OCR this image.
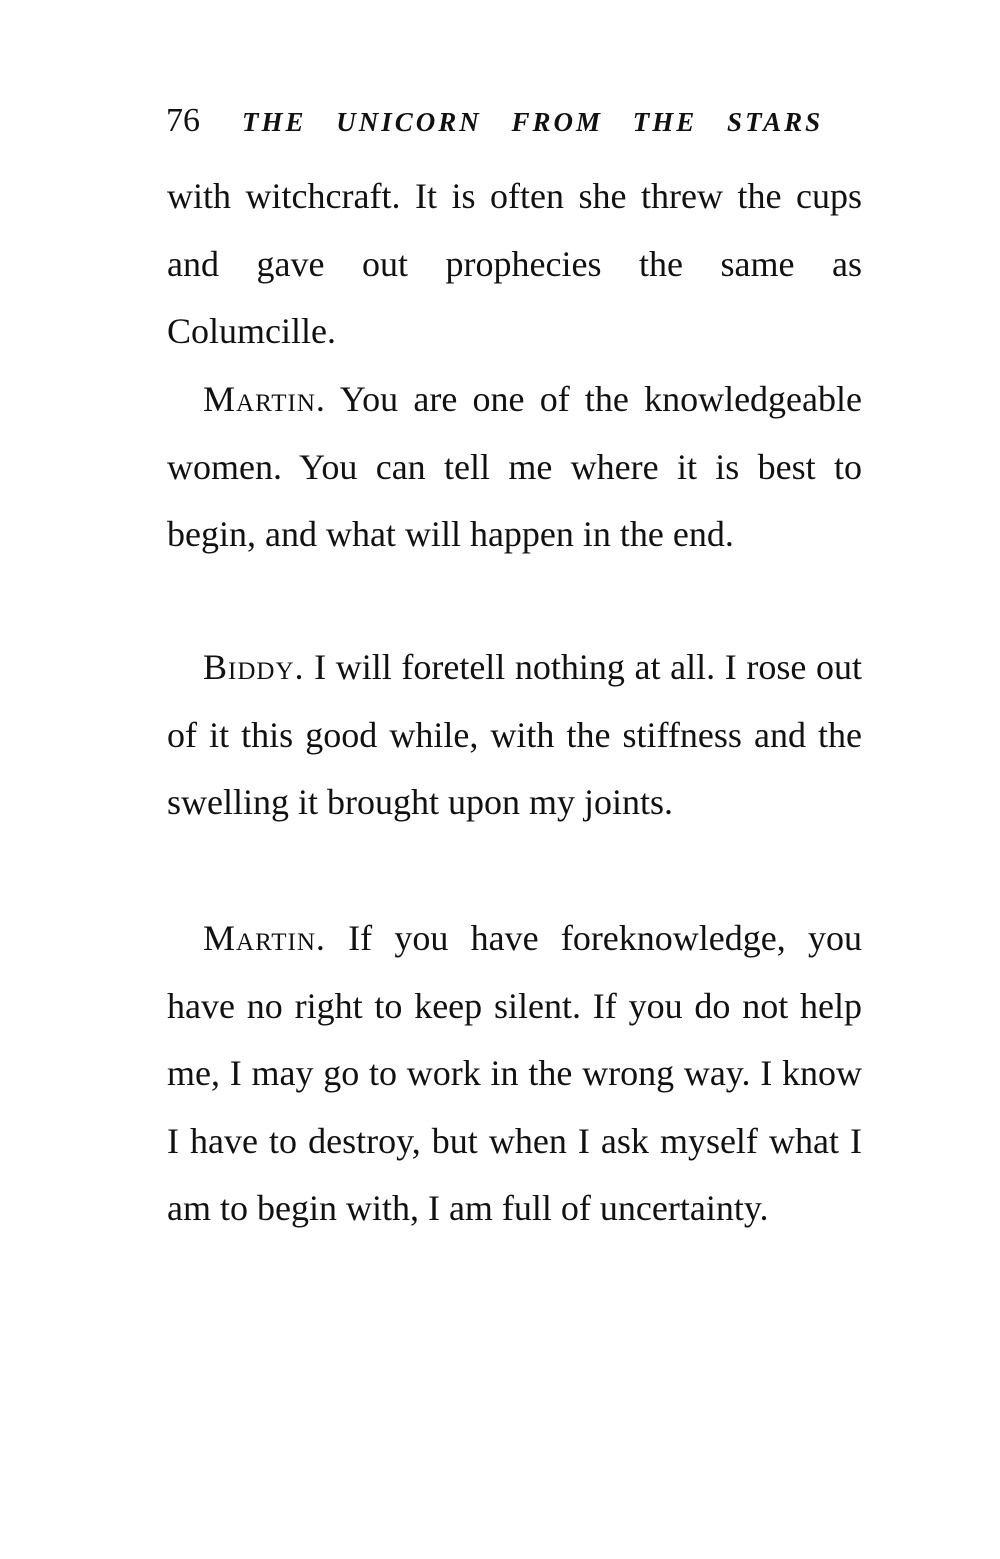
76 THE UNICORN FROM THE STARS

with witchcraft. It is often she threw the cups and gave out prophecies the same as Columcille.

Martin. You are one of the knowledgeable women. You can tell me where it is best to begin, and what will happen in the end.

Biddy. I will foretell nothing at all. I rose out of it this good while, with the stiffness and the swelling it brought upon my joints.

Martin. If you have foreknowledge, you have no right to keep silent. If you do not help me, I may go to work in the wrong way. I know I have to destroy, but when I ask myself what I am to begin with, I am full of uncertainty.
